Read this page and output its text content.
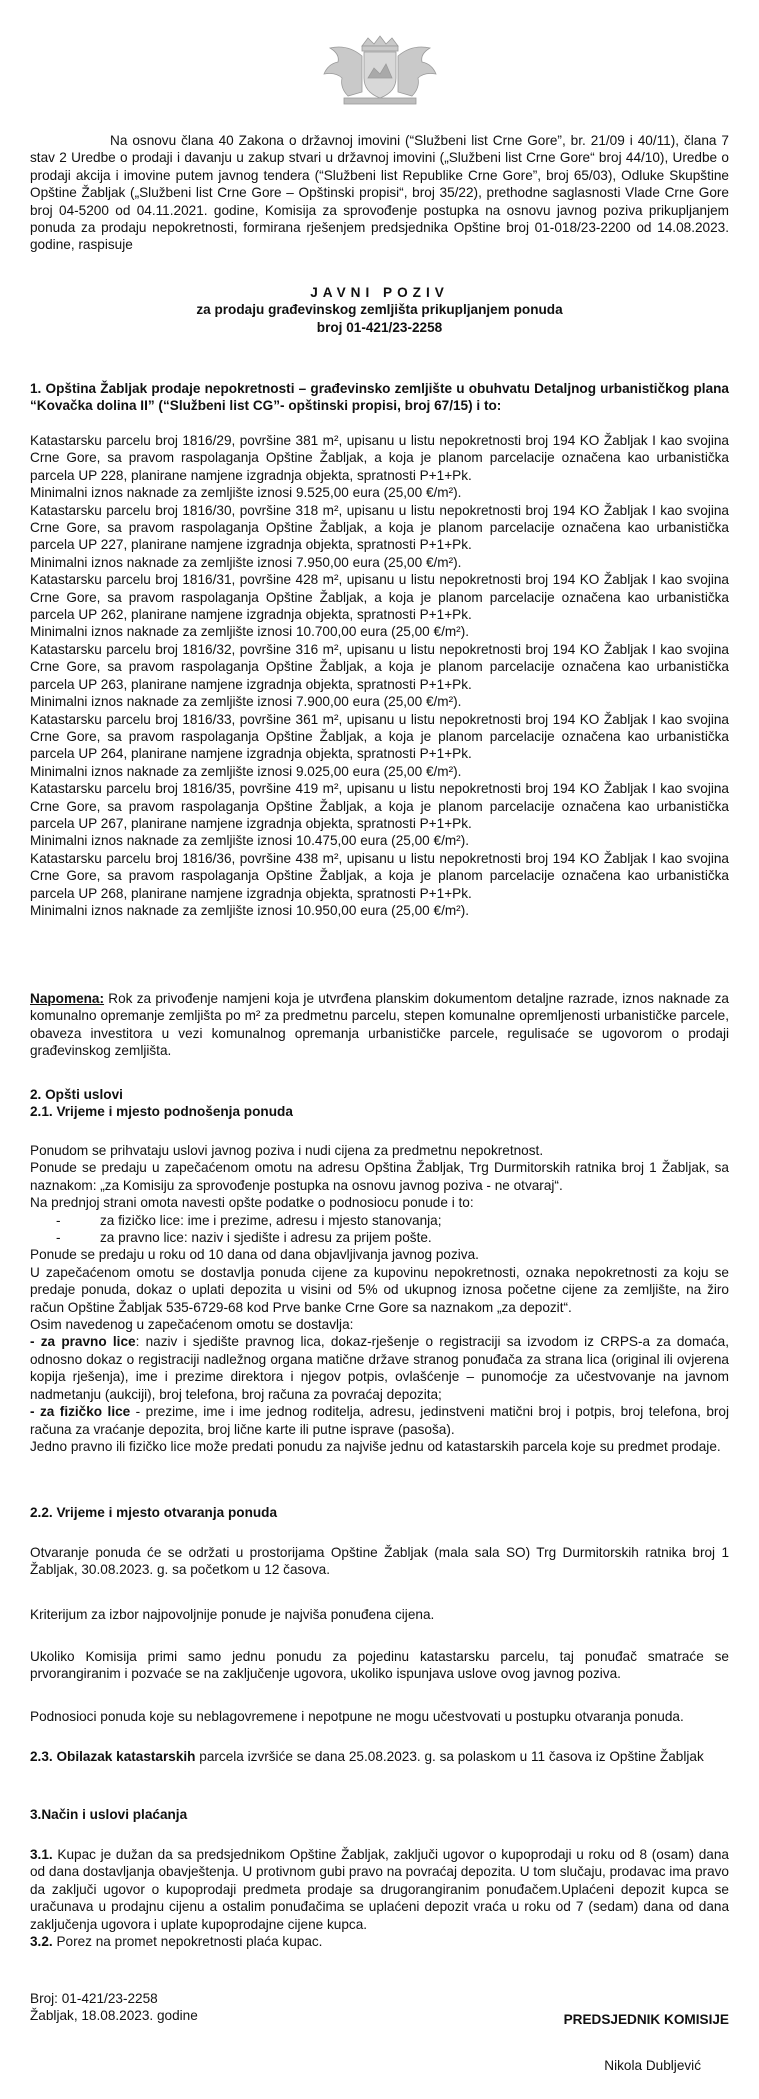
Na osnovu člana 40 Zakona o državnoj imovini (“Službeni list Crne Gore”, br. 21/09 i 40/11), člana 7 stav 2 Uredbe o prodaji i davanju u zakup stvari u državnoj imovini („Službeni list Crne Gore“ broj 44/10), Uredbe o prodaji akcija i imovine putem javnog tendera (“Službeni list Republike Crne Gore”, broj 65/03), Odluke Skupštine Opštine Žabljak („Službeni list Crne Gore – Opštinski propisi“, broj 35/22), prethodne saglasnosti Vlade Crne Gore broj 04-5200 od 04.11.2021. godine, Komisija za sprovođenje postupka na osnovu javnog poziva prikupljanjem ponuda za prodaju nepokretnosti, formirana rješenjem predsjednika Opštine broj 01-018/23-2200 od 14.08.2023. godine, raspisuje
JAVNI POZIV
za prodaju građevinskog zemljišta prikupljanjem ponuda
broj 01-421/23-2258
1. Opština Žabljak prodaje nepokretnosti – građevinsko zemljište u obuhvatu Detaljnog urbanističkog plana “Kovačka dolina II” (“Službeni list CG”- opštinski propisi, broj 67/15) i to:
Katastarsku parcelu broj 1816/29, površine 381 m², upisanu u listu nepokretnosti broj 194 KO Žabljak I kao svojina Crne Gore, sa pravom raspolaganja Opštine Žabljak, a koja je planom parcelacije označena kao urbanistička parcela UP 228, planirane namjene izgradnja objekta, spratnosti P+1+Pk.
Minimalni iznos naknade za zemljište iznosi 9.525,00 eura (25,00 €/m²).
Katastarsku parcelu broj 1816/30, površine 318 m², upisanu u listu nepokretnosti broj 194 KO Žabljak I kao svojina Crne Gore, sa pravom raspolaganja Opštine Žabljak, a koja je planom parcelacije označena kao urbanistička parcela UP 227, planirane namjene izgradnja objekta, spratnosti P+1+Pk.
Minimalni iznos naknade za zemljište iznosi 7.950,00 eura (25,00 €/m²).
Katastarsku parcelu broj 1816/31, površine 428 m², upisanu u listu nepokretnosti broj 194 KO Žabljak I kao svojina Crne Gore, sa pravom raspolaganja Opštine Žabljak, a koja je planom parcelacije označena kao urbanistička parcela UP 262, planirane namjene izgradnja objekta, spratnosti P+1+Pk.
Minimalni iznos naknade za zemljište iznosi 10.700,00 eura (25,00 €/m²).
Katastarsku parcelu broj 1816/32, površine 316 m², upisanu u listu nepokretnosti broj 194 KO Žabljak I kao svojina Crne Gore, sa pravom raspolaganja Opštine Žabljak, a koja je planom parcelacije označena kao urbanistička parcela UP 263, planirane namjene izgradnja objekta, spratnosti P+1+Pk.
Minimalni iznos naknade za zemljište iznosi 7.900,00 eura (25,00 €/m²).
Katastarsku parcelu broj 1816/33, površine 361 m², upisanu u listu nepokretnosti broj 194 KO Žabljak I kao svojina Crne Gore, sa pravom raspolaganja Opštine Žabljak, a koja je planom parcelacije označena kao urbanistička parcela UP 264, planirane namjene izgradnja objekta, spratnosti P+1+Pk.
Minimalni iznos naknade za zemljište iznosi 9.025,00 eura (25,00 €/m²).
Katastarsku parcelu broj 1816/35, površine 419 m², upisanu u listu nepokretnosti broj 194 KO Žabljak I kao svojina Crne Gore, sa pravom raspolaganja Opštine Žabljak, a koja je planom parcelacije označena kao urbanistička parcela UP 267, planirane namjene izgradnja objekta, spratnosti P+1+Pk.
Minimalni iznos naknade za zemljište iznosi 10.475,00 eura (25,00 €/m²).
Katastarsku parcelu broj 1816/36, površine 438 m², upisanu u listu nepokretnosti broj 194 KO Žabljak I kao svojina Crne Gore, sa pravom raspolaganja Opštine Žabljak, a koja je planom parcelacije označena kao urbanistička parcela UP 268, planirane namjene izgradnja objekta, spratnosti P+1+Pk.
Minimalni iznos naknade za zemljište iznosi 10.950,00 eura (25,00 €/m²).
Napomena: Rok za privođenje namjeni koja je utvrđena planskim dokumentom detaljne razrade, iznos naknade za komunalno opremanje zemljišta po m² za predmetnu parcelu, stepen komunalne opremljenosti urbanističke parcele, obaveza investitora u vezi komunalnog opremanja urbanističke parcele, regulisaće se ugovorom o prodaji građevinskog zemljišta.
2. Opšti uslovi
2.1. Vrijeme i mjesto podnošenja ponuda
Ponudom se prihvataju uslovi javnog poziva i nudi cijena za predmetnu nepokretnost.
Ponude se predaju u zapečaćenom omotu na adresu Opština Žabljak, Trg Durmitorskih ratnika broj 1 Žabljak, sa naznakom: „za Komisiju za sprovođenje postupka na osnovu javnog poziva - ne otvaraj“.
Na prednjoj strani omota navesti opšte podatke o podnosiocu ponude i to:
-	za fizičko lice: ime i prezime, adresu i mjesto stanovanja;
-	za pravno lice: naziv i sjedište i adresu za prijem pošte.
Ponude se predaju u roku od 10 dana od dana objavljivanja javnog poziva.
U zapečaćenom omotu se dostavlja ponuda cijene za kupovinu nepokretnosti, oznaka nepokretnosti za koju se predaje ponuda, dokaz o uplati depozita u visini od 5% od ukupnog iznosa početne cijene za zemljište, na žiro račun Opštine Žabljak 535-6729-68 kod Prve banke Crne Gore sa naznakom „za depozit“.
Osim navedenog u zapečaćenom omotu se dostavlja:
- za pravno lice: naziv i sjedište pravnog lica, dokaz-rješenje o registraciji sa izvodom iz CRPS-a za domaća, odnosno dokaz o registraciji nadležnog organa matične države stranog ponuđača za strana lica (original ili ovjerena kopija rješenja), ime i prezime direktora i njegov potpis, ovlašćenje – punomoćje za učestvovanje na javnom nadmetanju (aukciji), broj telefona, broj računa za povraćaj depozita;
- za fizičko lice - prezime, ime i ime jednog roditelja, adresu, jedinstveni matični broj i potpis, broj telefona, broj računa za vraćanje depozita, broj lične karte ili putne isprave (pasoša).
Jedno pravno ili fizičko lice može predati ponudu za najviše jednu od katastarskih parcela koje su predmet prodaje.
2.2. Vrijeme i mjesto otvaranja ponuda
Otvaranje ponuda će se održati u prostorijama Opštine Žabljak (mala sala SO) Trg Durmitorskih ratnika broj 1 Žabljak, 30.08.2023. g. sa početkom u 12 časova.
Kriterijum za izbor najpovoljnije ponude je najviša ponuđena cijena.
Ukoliko Komisija primi samo jednu ponudu za pojedinu katastarsku parcelu, taj ponuđač smatraće se prvorangiranim i pozvaće se na zaključenje ugovora, ukoliko ispunjava uslove ovog javnog poziva.
Podnosioci ponuda koje su neblagovremene i nepotpune ne mogu učestvovati u postupku otvaranja ponuda.
2.3. Obilazak katastarskih parcela izvršiće se dana 25.08.2023. g. sa polaskom u 11 časova iz Opštine Žabljak
3.Način i uslovi plaćanja
3.1. Kupac je dužan da sa predsjednikom Opštine Žabljak, zaključi ugovor o kupoprodaji u roku od 8 (osam) dana od dana dostavljanja obavještenja. U protivnom gubi pravo na povraćaj depozita. U tom slučaju, prodavac ima pravo da zaključi ugovor o kupoprodaji predmeta prodaje sa drugorangiranim ponuđačem.Uplaćeni depozit kupca se uračunava u prodajnu cijenu a ostalim ponuđačima se uplaćeni depozit vraća u roku od 7 (sedam) dana od dana zaključenja ugovora i uplate kupoprodajne cijene kupca.
3.2. Porez na promet nepokretnosti plaća kupac.
Broj: 01-421/23-2258
Žabljak, 18.08.2023. godine	PREDSJEDNIK KOMISIJE
Nikola Dubljević
